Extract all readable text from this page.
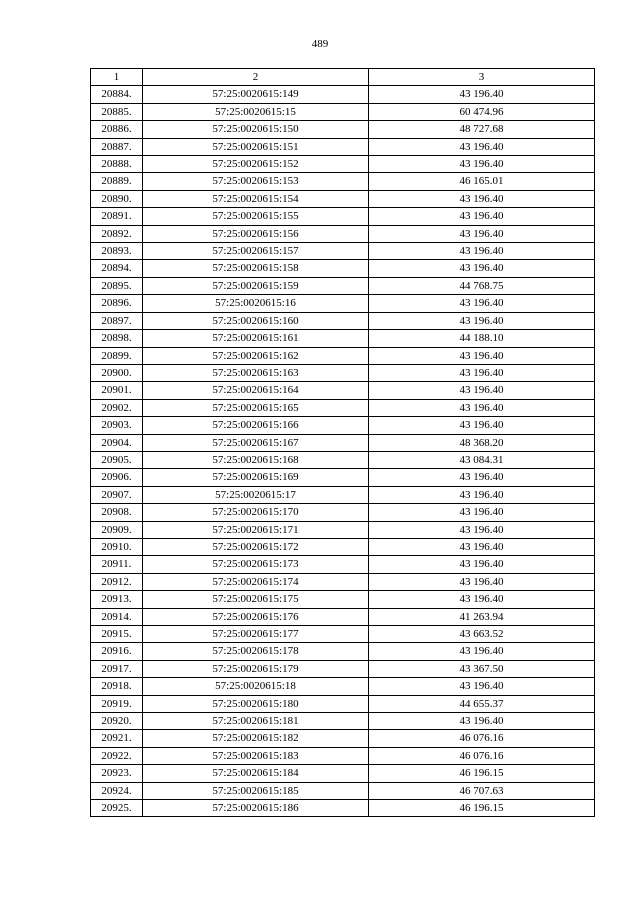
489
1	2	3
20884.	57:25:0020615:149	43 196.40
20885.	57:25:0020615:15	60 474.96
20886.	57:25:0020615:150	48 727.68
20887.	57:25:0020615:151	43 196.40
20888.	57:25:0020615:152	43 196.40
20889.	57:25:0020615:153	46 165.01
20890.	57:25:0020615:154	43 196.40
20891.	57:25:0020615:155	43 196.40
20892.	57:25:0020615:156	43 196.40
20893.	57:25:0020615:157	43 196.40
20894.	57:25:0020615:158	43 196.40
20895.	57:25:0020615:159	44 768.75
20896.	57:25:0020615:16	43 196.40
20897.	57:25:0020615:160	43 196.40
20898.	57:25:0020615:161	44 188.10
20899.	57:25:0020615:162	43 196.40
20900.	57:25:0020615:163	43 196.40
20901.	57:25:0020615:164	43 196.40
20902.	57:25:0020615:165	43 196.40
20903.	57:25:0020615:166	43 196.40
20904.	57:25:0020615:167	48 368.20
20905.	57:25:0020615:168	43 084.31
20906.	57:25:0020615:169	43 196.40
20907.	57:25:0020615:17	43 196.40
20908.	57:25:0020615:170	43 196.40
20909.	57:25:0020615:171	43 196.40
20910.	57:25:0020615:172	43 196.40
20911.	57:25:0020615:173	43 196.40
20912.	57:25:0020615:174	43 196.40
20913.	57:25:0020615:175	43 196.40
20914.	57:25:0020615:176	41 263.94
20915.	57:25:0020615:177	43 663.52
20916.	57:25:0020615:178	43 196.40
20917.	57:25:0020615:179	43 367.50
20918.	57:25:0020615:18	43 196.40
20919.	57:25:0020615:180	44 655.37
20920.	57:25:0020615:181	43 196.40
20921.	57:25:0020615:182	46 076.16
20922.	57:25:0020615:183	46 076.16
20923.	57:25:0020615:184	46 196.15
20924.	57:25:0020615:185	46 707.63
20925.	57:25:0020615:186	46 196.15
